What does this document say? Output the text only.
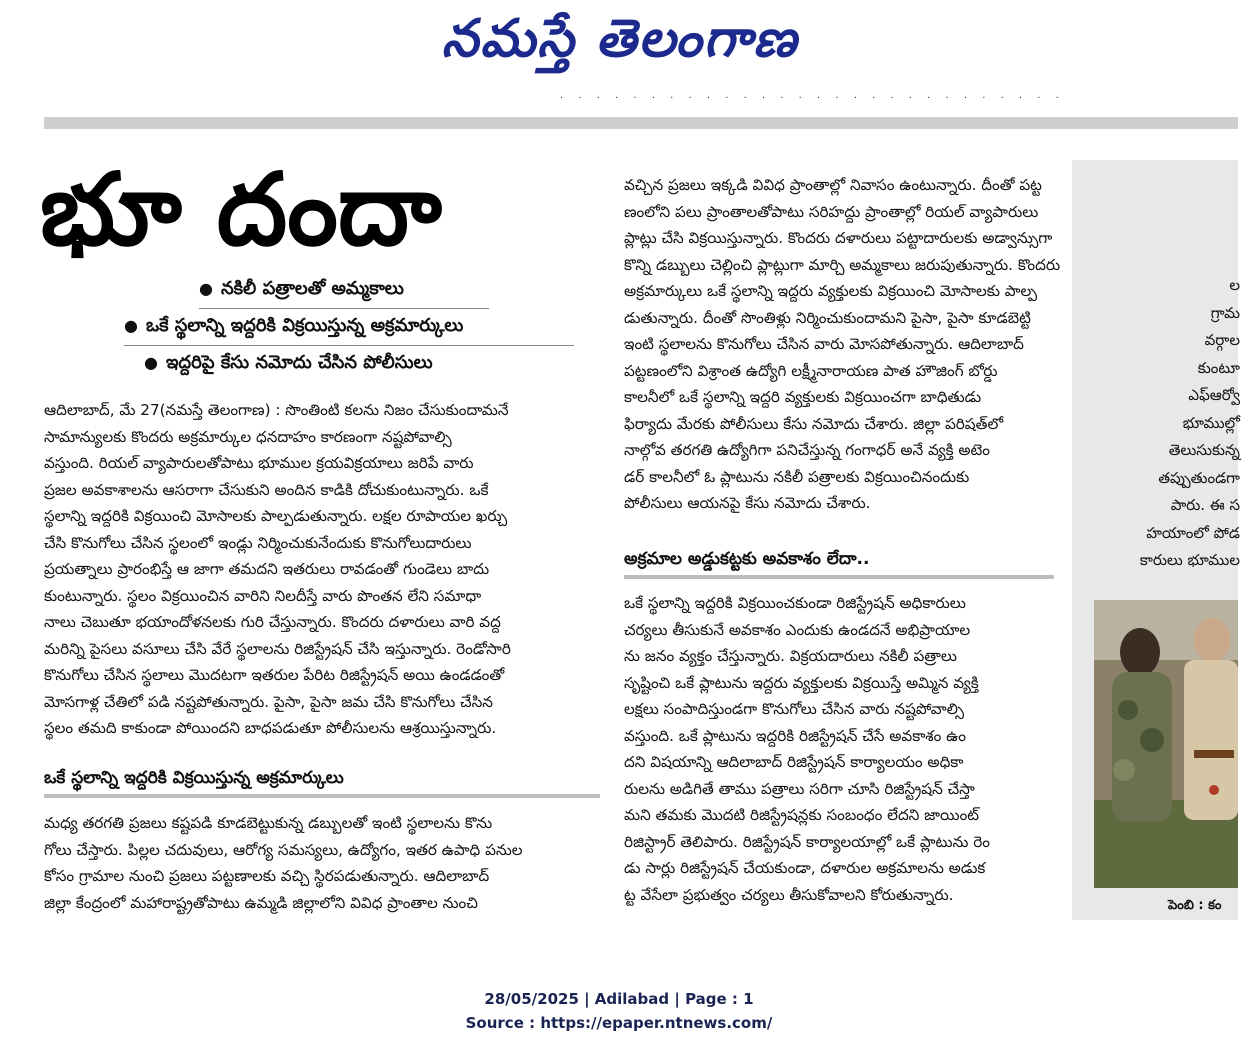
నమస్తే తెలంగాణ
· · · · · · · · · · · · · · · · · · · · · · · · · · · ·
భూ దందా
● నకిలీ పత్రాలతో అమ్మకాలు
● ఒకే స్థలాన్ని ఇద్దరికి విక్రయిస్తున్న అక్రమార్కులు
● ఇద్దరిపై కేసు నమోదు చేసిన పోలీసులు
ఆదిలాబాద్‌, మే 27(నమస్తే తెలంగాణ) : సొంతింటి కలను నిజం చేసుకుందామనే
సామాన్యులకు కొందరు అక్రమార్కుల ధనదాహం కారణంగా నష్టపోవాల్సి
వస్తుంది. రియల్‌ వ్యాపారులతోపాటు భూముల క్రయవిక్రయాలు జరిపే వారు
ప్రజల అవకాశాలను ఆసరాగా చేసుకుని అందిన కాడికి దోచుకుంటున్నారు. ఒకే
స్థలాన్ని ఇద్దరికి విక్రయించి మోసాలకు పాల్పడుతున్నారు. లక్షల రూపాయల ఖర్చు
చేసి కొనుగోలు చేసిన స్థలంలో ఇండ్లు నిర్మించుకునేందుకు కొనుగోలుదారులు
ప్రయత్నాలు ప్రారంభిస్తే ఆ జాగా తమదని ఇతరులు రావడంతో గుండెలు బాదు
కుంటున్నారు. స్థలం విక్రయించిన వారిని నిలదీస్తే వారు పొంతన లేని సమాధా
నాలు చెబుతూ భయాందోళనలకు గురి చేస్తున్నారు. కొందరు దళారులు వారి వద్ద
మరిన్ని పైసలు వసూలు చేసి వేరే స్థలాలను రిజిస్ట్రేషన్‌ చేసి ఇస్తున్నారు. రెండోసారి
కొనుగోలు చేసిన స్థలాలు మొదటగా ఇతరుల పేరిట రిజిస్ట్రేషన్‌ అయి ఉండడంతో
మోసగాళ్ల చేతిలో పడి నష్టపోతున్నారు. పైసా, పైసా జమ చేసి కొనుగోలు చేసిన
స్థలం తమది కాకుండా పోయిందని బాధపడుతూ పోలీసులను ఆశ్రయిస్తున్నారు.
ఒకే స్థలాన్ని ఇద్దరికి విక్రయిస్తున్న అక్రమార్కులు
మధ్య తరగతి ప్రజలు కష్టపడి కూడబెట్టుకున్న డబ్బులతో ఇంటి స్థలాలను కొను
గోలు చేస్తారు. పిల్లల చదువులు, ఆరోగ్య సమస్యలు, ఉద్యోగం, ఇతర ఉపాధి పనుల
కోసం గ్రామాల నుంచి ప్రజలు పట్టణాలకు వచ్చి స్థిరపడుతున్నారు. ఆదిలాబాద్‌
జిల్లా కేంద్రంలో మహారాష్ట్రతోపాటు ఉమ్మడి జిల్లాలోని వివిధ ప్రాంతాల నుంచి
వచ్చిన ప్రజలు ఇక్కడి వివిధ ప్రాంతాల్లో నివాసం ఉంటున్నారు. దీంతో పట్ట
ణంలోని పలు ప్రాంతాలతోపాటు సరిహద్దు ప్రాంతాల్లో రియల్‌ వ్యాపారులు
ప్లాట్లు చేసి విక్రయిస్తున్నారు. కొందరు దళారులు పట్టాదారులకు అడ్వాన్సుగా
కొన్ని డబ్బులు చెల్లించి ప్లాట్లుగా మార్చి అమ్మకాలు జరుపుతున్నారు. కొందరు
అక్రమార్కులు ఒకే స్థలాన్ని ఇద్దరు వ్యక్తులకు విక్రయించి మోసాలకు పాల్ప
డుతున్నారు. దీంతో సొంతిళ్లు నిర్మించుకుందామని పైసా, పైసా కూడబెట్టి
ఇంటి స్థలాలను కొనుగోలు చేసిన వారు మోసపోతున్నారు. ఆదిలాబాద్‌
పట్టణంలోని విశ్రాంత ఉద్యోగి లక్ష్మీనారాయణ పాత హౌజింగ్‌ బోర్డు
కాలనీలో ఒకే స్థలాన్ని ఇద్దరి వ్యక్తులకు విక్రయించగా బాధితుడు
ఫిర్యాదు మేరకు పోలీసులు కేసు నమోదు చేశారు. జిల్లా పరిషత్‌లో
నాల్గోవ తరగతి ఉద్యోగిగా పనిచేస్తున్న గంగాధర్‌ అనే వ్యక్తి అటెం
డర్‌ కాలనీలో ఓ ప్లాటును నకిలీ పత్రాలకు విక్రయించినందుకు
పోలీసులు ఆయనపై కేసు నమోదు చేశారు.
అక్రమాల అడ్డుకట్టకు అవకాశం లేదా..
ఒకే స్థలాన్ని ఇద్దరికి విక్రయించకుండా రిజిస్ట్రేషన్‌ అధికారులు
చర్యలు తీసుకునే అవకాశం ఎందుకు ఉండదనే అభిప్రాయాల
ను జనం వ్యక్తం చేస్తున్నారు. విక్రయదారులు నకిలీ పత్రాలు
సృష్టించి ఒకే ప్లాటును ఇద్దరు వ్యక్తులకు విక్రయిస్తే అమ్మిన వ్యక్తి
లక్షలు సంపాదిస్తుండగా కొనుగోలు చేసిన వారు నష్టపోవాల్సి
వస్తుంది. ఒకే ప్లాటును ఇద్దరికి రిజిస్ట్రేషన్‌ చేసే అవకాశం ఉం
దని విషయాన్ని ఆదిలాబాద్‌ రిజిస్ట్రేషన్‌ కార్యాలయం అధికా
రులను అడిగితే తాము పత్రాలు సరిగా చూసి రిజిస్ట్రేషన్‌ చేస్తా
మని తమకు మొదటి రిజిస్ట్రేషన్లకు సంబంధం లేదని జాయింట్‌
రిజిస్ట్రార్‌ తెలిపారు. రిజిస్ట్రేషన్‌ కార్యాలయాల్లో ఒకే ప్లాటును రెం
డు సార్లు రిజిస్ట్రేషన్‌ చేయకుండా, దళారుల అక్రమాలను అడుక
ట్ట వేసేలా ప్రభుత్వం చర్యలు తీసుకోవాలని కోరుతున్నారు.
ల
గ్రామ
వర్గాల
కుంటూ
ఎఫ్‌ఆర్వో
భూముల్లో
తెలుసుకున్న
తప్పుతుండగా
పారు. ఈ స
హయాంలో పోడ
కారులు భూముల
పెంబి : కం
28/05/2025 | Adilabad | Page : 1
Source : https://epaper.ntnews.com/
